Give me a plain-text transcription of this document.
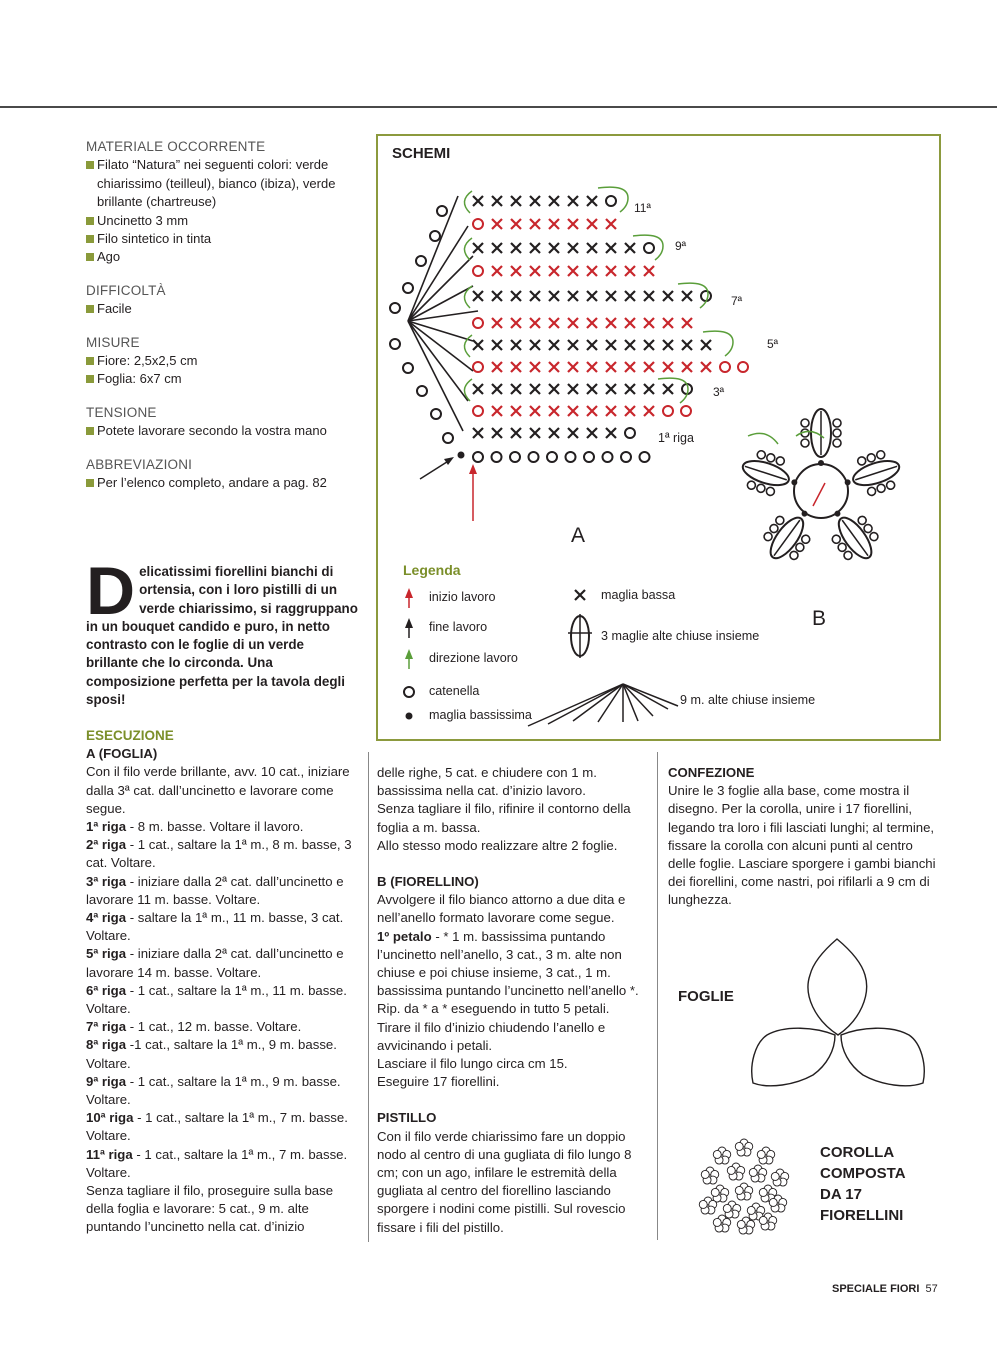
MATERIALE OCCORRENTE
Filato “Natura” nei seguenti colori: verde chiarissimo (teilleul), bianco (ibiza), verde brillante (chartreuse)
Uncinetto 3 mm
Filo sintetico in tinta
Ago
DIFFICOLTÀ
Facile
MISURE
Fiore: 2,5x2,5 cm
Foglia: 6x7 cm
TENSIONE
Potete lavorare secondo la vostra mano
ABBREVIAZIONI
Per l’elenco completo, andare a pag. 82
Delicatissimi fiorellini bianchi di ortensia, con i loro pistilli di un verde chiarissimo, si raggruppano in un bouquet candido e puro, in netto contrasto con le foglie di un verde brillante che lo circonda. Una composizione perfetta per la tavola degli sposi!
ESECUZIONE
A (FOGLIA)
Con il filo verde brillante, avv. 10 cat., iniziare dalla 3ª cat. dall’uncinetto e lavorare come segue.
1ª riga - 8 m. basse. Voltare il lavoro.
2ª riga - 1 cat., saltare la 1ª m., 8 m. basse, 3 cat. Voltare.
3ª riga - iniziare dalla 2ª cat. dall’uncinetto e lavorare 11 m. basse. Voltare.
4ª riga - saltare la 1ª m., 11 m. basse, 3 cat. Voltare.
5ª riga - iniziare dalla 2ª cat. dall’uncinetto e lavorare 14 m. basse. Voltare.
6ª riga - 1 cat., saltare la 1ª m., 11 m. basse. Voltare.
7ª riga - 1 cat., 12 m. basse. Voltare.
8ª riga -1 cat., saltare la 1ª m., 9 m. basse. Voltare.
9ª riga - 1 cat., saltare la 1ª m., 9 m. basse. Voltare.
10ª riga - 1 cat., saltare la 1ª m., 7 m. basse. Voltare.
11ª riga - 1 cat., saltare la 1ª m., 7 m. basse. Voltare.
Senza tagliare il filo, proseguire sulla base della foglia e lavorare: 5 cat., 9 m. alte puntando l’uncinetto nella cat. d’inizio
delle righe, 5 cat. e chiudere con 1 m. bassissima nella cat. d’inizio lavoro.
Senza tagliare il filo, rifinire il contorno della foglia a m. bassa.
Allo stesso modo realizzare altre 2 foglie.
B (FIORELLINO)
Avvolgere il filo bianco attorno a due dita e nell’anello formato lavorare come segue.
1º petalo - * 1 m. bassissima puntando l’uncinetto nell’anello, 3 cat., 3 m. alte non chiuse e poi chiuse insieme, 3 cat., 1 m. bassissima puntando l’uncinetto nell’anello *. Rip. da * a * eseguendo in tutto 5 petali.
Tirare il filo d’inizio chiudendo l’anello e avvicinando i petali.
Lasciare il filo lungo circa cm 15.
Eseguire 17 fiorellini.
PISTILLO
Con il filo verde chiarissimo fare un doppio nodo al centro di una gugliata di filo lungo 8 cm; con un ago, infilare le estremità della gugliata al centro del fiorellino lasciando sporgere i nodini come pistilli. Sul rovescio fissare i fili del pistillo.
CONFEZIONE
Unire le 3 foglie alla base, come mostra il disegno. Per la corolla, unire i 17 fiorellini, legando tra loro i fili lasciati lunghi; al termine, fissare la corolla con alcuni punti al centro delle foglie. Lasciare sporgere i gambi bianchi dei fiorellini, come nastri, poi rifilarli a 9 cm di lunghezza.
SCHEMI
A
B
11ª
9ª
7ª
5ª
3ª
1ª riga
Legenda
inizio lavoro
fine lavoro
direzione lavoro
catenella
maglia bassissima
maglia bassa
3 maglie alte chiuse insieme
9 m. alte chiuse insieme
FOGLIE
COROLLA COMPOSTA DA 17 FIORELLINI
SPECIALE FIORI 57
